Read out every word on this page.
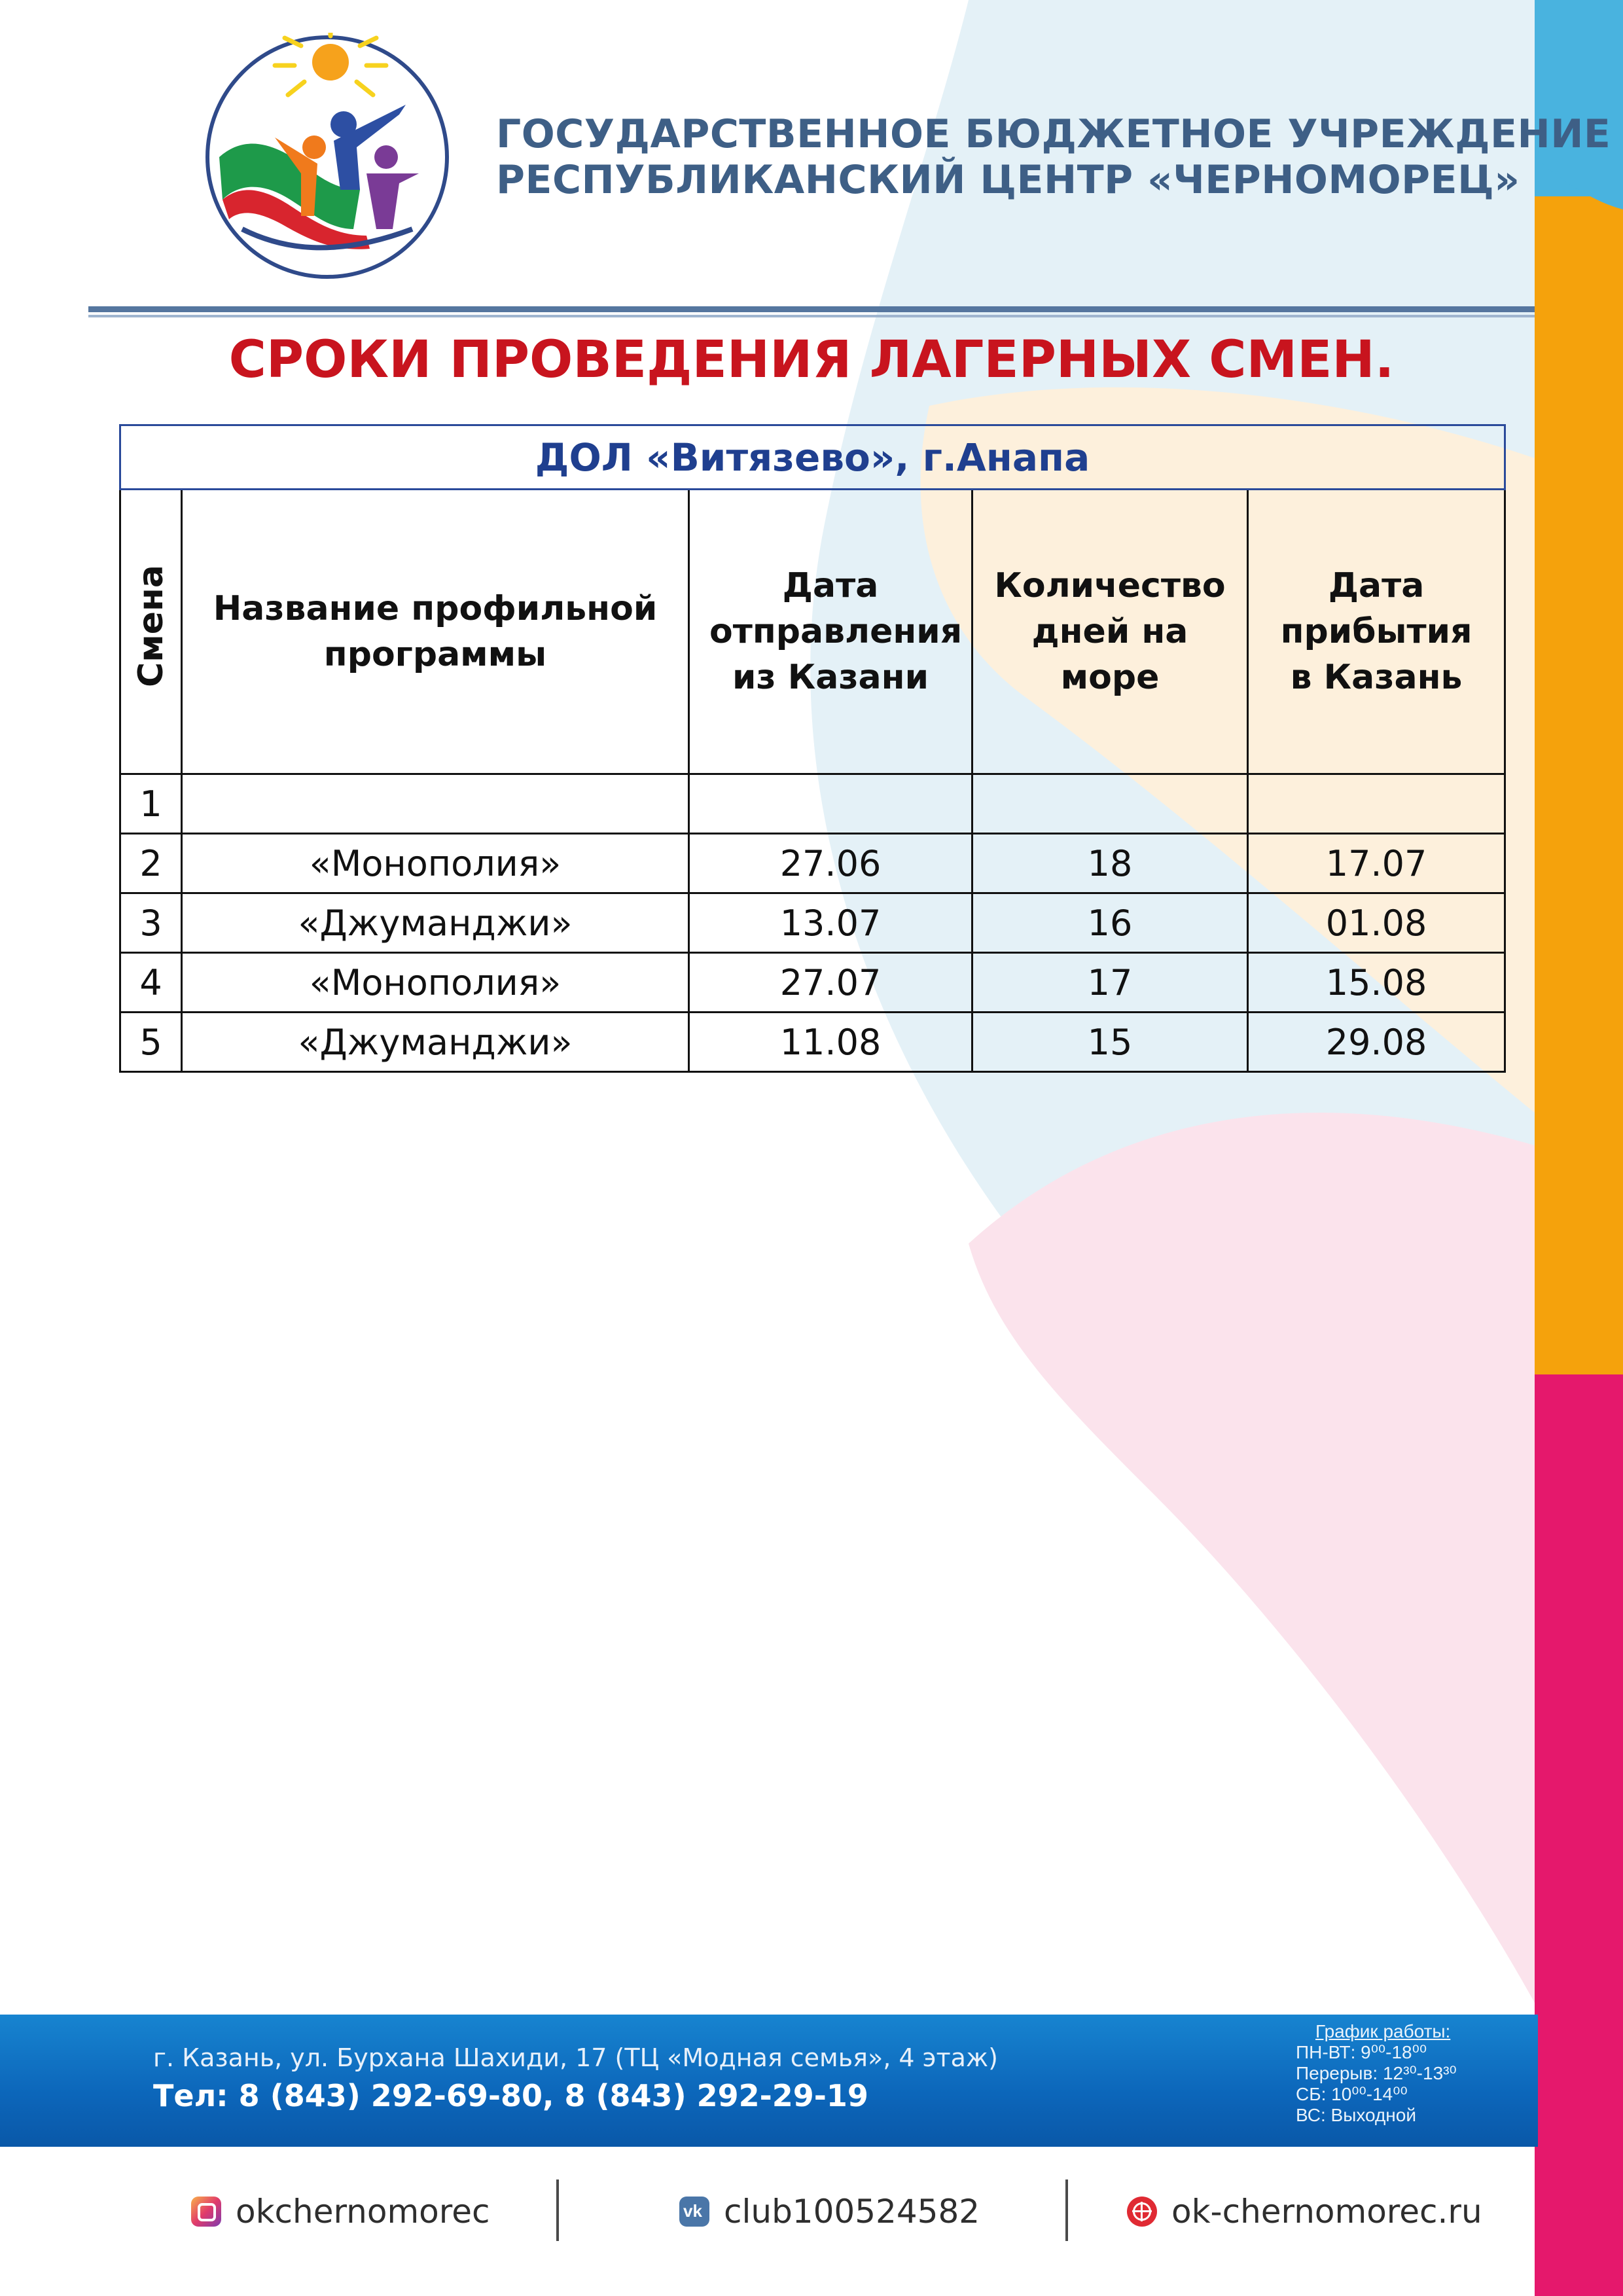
ГОСУДАРСТВЕННОЕ БЮДЖЕТНОЕ УЧРЕЖДЕНИЕ
РЕСПУБЛИКАНСКИЙ ЦЕНТР «ЧЕРНОМОРЕЦ»
СРОКИ ПРОВЕДЕНИЯ ЛАГЕРНЫХ СМЕН.
ДОЛ «Витязево», г.Анапа				
Смена	Название профильной программы	Дата отправления из Казани	Количество дней на море	Дата прибытия в Казань

1				
2	«Монополия»	27.06	18	17.07
3	«Джуманджи»	13.07	16	01.08
4	«Монополия»	27.07	17	15.08
5	«Джуманджи»	11.08	15	29.08
г. Казань, ул. Бурхана Шахиди, 17 (ТЦ «Модная семья», 4 этаж)
Тел: 8 (843) 292-69-80, 8 (843) 292-29-19
График работы:
ПН-ВТ: 9⁰⁰-18⁰⁰
Перерыв: 12³⁰-13³⁰
СБ: 10⁰⁰-14⁰⁰
ВС: Выходной
okchernomorec	vk club100524582	ok-chernomorec.ru
